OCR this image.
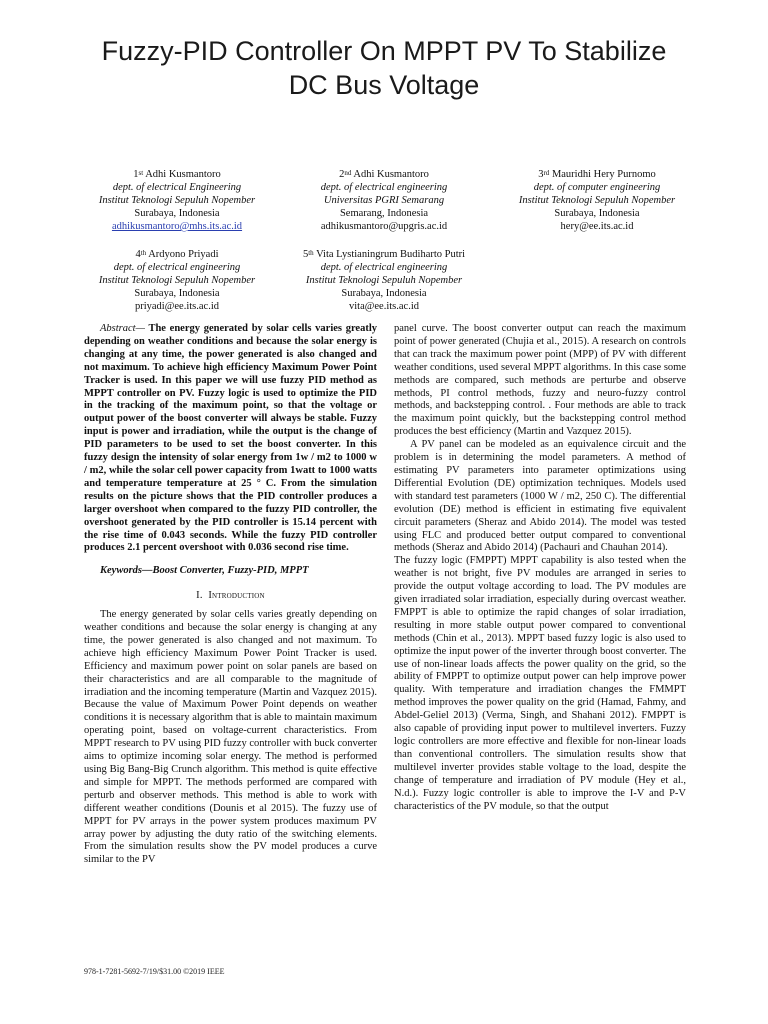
Fuzzy-PID Controller On MPPT PV To Stabilize
DC Bus Voltage
1st Adhi Kusmantoro
dept. of electrical Engineering
Institut Teknologi Sepuluh Nopember
Surabaya, Indonesia
adhikusmantoro@mhs.its.ac.id
2nd Adhi Kusmantoro
dept. of electrical engineering
Universitas PGRI Semarang
Semarang, Indonesia
adhikusmantoro@upgris.ac.id
3rd Mauridhi Hery Purnomo
dept. of computer engineering
Institut Teknologi Sepuluh Nopember
Surabaya, Indonesia
hery@ee.its.ac.id
4th Ardyono Priyadi
dept. of electrical engineering
Institut Teknologi Sepuluh Nopember
Surabaya, Indonesia
priyadi@ee.its.ac.id
5th Vita Lystianingrum Budiharto Putri
dept. of electrical engineering
Institut Teknologi Sepuluh Nopember
Surabaya, Indonesia
vita@ee.its.ac.id

Abstract— The energy generated by solar cells varies greatly depending on weather conditions and because the solar energy is changing at any time, the power generated is also changed and not maximum. To achieve high efficiency Maximum Power Point Tracker is used. In this paper we will use fuzzy PID method as MPPT controller on PV. Fuzzy logic is used to optimize the PID in the tracking of the maximum point, so that the voltage or output power of the boost converter will always be stable. Fuzzy input is power and irradiation, while the output is the change of PID parameters to be used to set the boost converter. In this fuzzy design the intensity of solar energy from 1w / m2 to 1000 w / m2, while the solar cell power capacity from 1watt to 1000 watts and temperature temperature at 25 ° C. From the simulation results on the picture shows that the PID controller produces a larger overshoot when compared to the fuzzy PID controller, the overshoot generated by the PID controller is 15.14 percent with the rise time of 0.043 seconds. While the fuzzy PID controller produces 2.1 percent overshoot with 0.036 second rise time.

Keywords—Boost Converter, Fuzzy-PID, MPPT

I. Introduction

The energy generated by solar cells varies greatly depending on weather conditions and because the solar energy is changing at any time, the power generated is also changed and not maximum. To achieve high efficiency Maximum Power Point Tracker is used. Efficiency and maximum power point on solar panels are based on their characteristics and are all comparable to the magnitude of irradiation and the incoming temperature (Martin and Vazquez 2015). Because the value of Maximum Power Point depends on weather conditions it is necessary algorithm that is able to maintain maximum operating point, based on voltage-current characteristics. From MPPT research to PV using PID fuzzy controller with buck converter aims to optimize incoming solar energy. The method is performed using Big Bang-Big Crunch algorithm. This method is quite effective and simple for MPPT. The methods performed are compared with perturb and observer methods. This method is able to work with different weather conditions (Dounis et al 2015). The fuzzy use of MPPT for PV arrays in the power system produces maximum PV array power by adjusting the duty ratio of the switching elements. From the simulation results show the PV model produces a curve similar to the PV

panel curve. The boost converter output can reach the maximum point of power generated (Chujia et al., 2015). A research on controls that can track the maximum power point (MPP) of PV with different weather conditions, used several MPPT algorithms. In this case some methods are compared, such methods are perturbe and observe methods, PI control methods, fuzzy and neuro-fuzzy control methods, and backstepping control. . Four methods are able to track the maximum point quickly, but the backstepping control method produces the best efficiency (Martin and Vazquez 2015).

A PV panel can be modeled as an equivalence circuit and the problem is in determining the model parameters. A method of estimating PV parameters into parameter optimizations using Differential Evolution (DE) optimization techniques. Models used with standard test parameters (1000 W / m2, 250 C). The differential evolution (DE) method is efficient in estimating five equivalent circuit parameters (Sheraz and Abido 2014). The model was tested using FLC and produced better output compared to conventional methods (Sheraz and Abido 2014) (Pachauri and Chauhan 2014).

The fuzzy logic (FMPPT) MPPT capability is also tested when the weather is not bright, five PV modules are arranged in series to provide the output voltage according to load. The PV modules are given irradiated solar irradiation, especially during overcast weather. FMPPT is able to optimize the rapid changes of solar irradiation, resulting in more stable output power compared to conventional methods (Chin et al., 2013). MPPT based fuzzy logic is also used to optimize the input power of the inverter through boost converter. The use of non-linear loads affects the power quality on the grid, so the ability of FMPPT to optimize output power can help improve power quality. With temperature and irradiation changes the FMMPT method improves the power quality on the grid (Hamad, Fahmy, and Abdel-Geliel 2013) (Verma, Singh, and Shahani 2012). FMPPT is also capable of providing input power to multilevel inverters. Fuzzy logic controllers are more effective and flexible for non-linear loads than conventional controllers. The simulation results show that multilevel inverter provides stable voltage to the load, despite the change of temperature and irradiation of PV module (Hey et al., N.d.). Fuzzy logic controller is able to improve the I-V and P-V characteristics of the PV module, so that the output

978-1-7281-5692-7/19/$31.00 ©2019 IEEE
